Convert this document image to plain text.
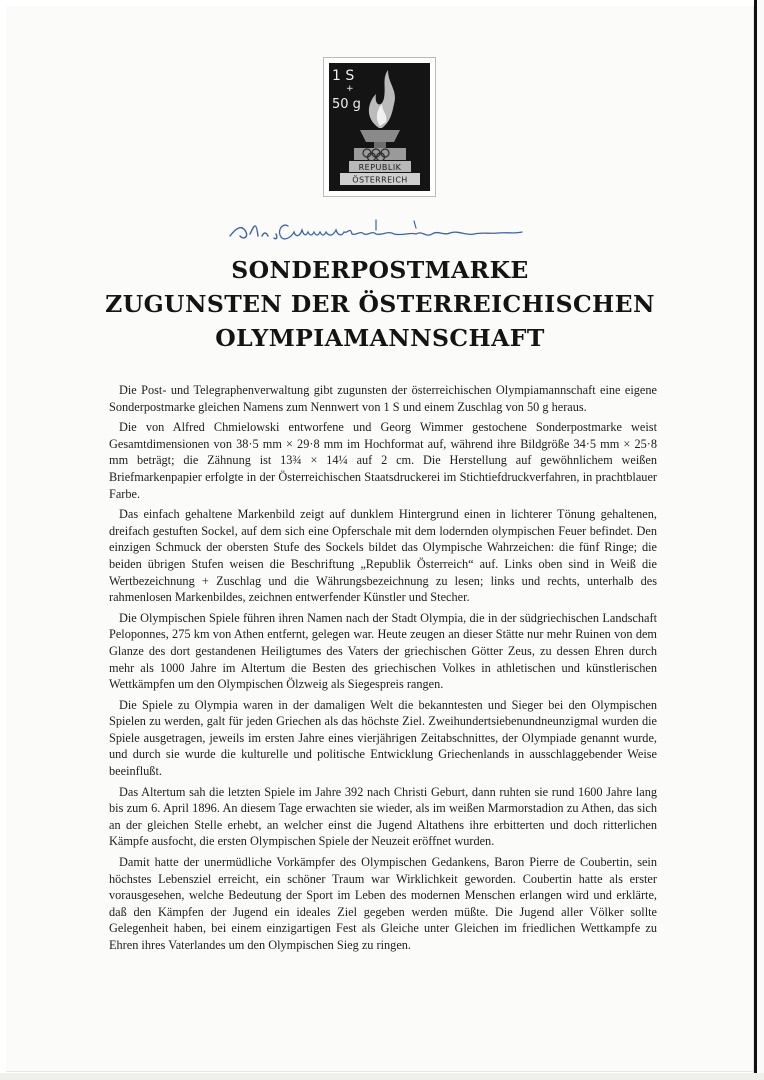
1 S
+
50 g
REPUBLIK
ÖSTERREICH
SONDERPOSTMARKE
ZUGUNSTEN DER ÖSTERREICHISCHEN
OLYMPIAMANNSCHAFT

Die Post- und Telegraphenverwaltung gibt zugunsten der österreichischen Olympiamannschaft eine eigene Sonderpostmarke gleichen Namens zum Nennwert von 1 S und einem Zuschlag von 50 g heraus.

Die von Alfred Chmielowski entworfene und Georg Wimmer gestochene Sonderpostmarke weist Gesamtdimensionen von 38·5 mm × 29·8 mm im Hochformat auf, während ihre Bildgröße 34·5 mm × 25·8 mm beträgt; die Zähnung ist 13¾ × 14¼ auf 2 cm. Die Herstellung auf gewöhnlichem weißen Briefmarkenpapier erfolgte in der Österreichischen Staatsdruckerei im Stichtiefdruckverfahren, in prachtblauer Farbe.

Das einfach gehaltene Markenbild zeigt auf dunklem Hintergrund einen in lichterer Tönung gehaltenen, dreifach gestuften Sockel, auf dem sich eine Opferschale mit dem lodernden olympischen Feuer befindet. Den einzigen Schmuck der obersten Stufe des Sockels bildet das Olympische Wahrzeichen: die fünf Ringe; die beiden übrigen Stufen weisen die Beschriftung „Republik Österreich“ auf. Links oben sind in Weiß die Wertbezeichnung + Zuschlag und die Währungsbezeichnung zu lesen; links und rechts, unterhalb des rahmenlosen Markenbildes, zeichnen entwerfender Künstler und Stecher.

Die Olympischen Spiele führen ihren Namen nach der Stadt Olympia, die in der südgriechischen Landschaft Peloponnes, 275 km von Athen entfernt, gelegen war. Heute zeugen an dieser Stätte nur mehr Ruinen von dem Glanze des dort gestandenen Heiligtumes des Vaters der griechischen Götter Zeus, zu dessen Ehren durch mehr als 1000 Jahre im Altertum die Besten des griechischen Volkes in athletischen und künstlerischen Wettkämpfen um den Olympischen Ölzweig als Siegespreis rangen.

Die Spiele zu Olympia waren in der damaligen Welt die bekanntesten und Sieger bei den Olympischen Spielen zu werden, galt für jeden Griechen als das höchste Ziel. Zweihundertsiebenundneunzigmal wurden die Spiele ausgetragen, jeweils im ersten Jahre eines vierjährigen Zeitabschnittes, der Olympiade genannt wurde, und durch sie wurde die kulturelle und politische Entwicklung Griechenlands in ausschlaggebender Weise beeinflußt.

Das Altertum sah die letzten Spiele im Jahre 392 nach Christi Geburt, dann ruhten sie rund 1600 Jahre lang bis zum 6. April 1896. An diesem Tage erwachten sie wieder, als im weißen Marmorstadion zu Athen, das sich an der gleichen Stelle erhebt, an welcher einst die Jugend Altathens ihre erbitterten und doch ritterlichen Kämpfe ausfocht, die ersten Olympischen Spiele der Neuzeit eröffnet wurden.

Damit hatte der unermüdliche Vorkämpfer des Olympischen Gedankens, Baron Pierre de Coubertin, sein höchstes Lebensziel erreicht, ein schöner Traum war Wirklichkeit geworden. Coubertin hatte als erster vorausgesehen, welche Bedeutung der Sport im Leben des modernen Menschen erlangen wird und erklärte, daß den Kämpfen der Jugend ein ideales Ziel gegeben werden müßte. Die Jugend aller Völker sollte Gelegenheit haben, bei einem einzigartigen Fest als Gleiche unter Gleichen im friedlichen Wettkampfe zu Ehren ihres Vaterlandes um den Olympischen Sieg zu ringen.
